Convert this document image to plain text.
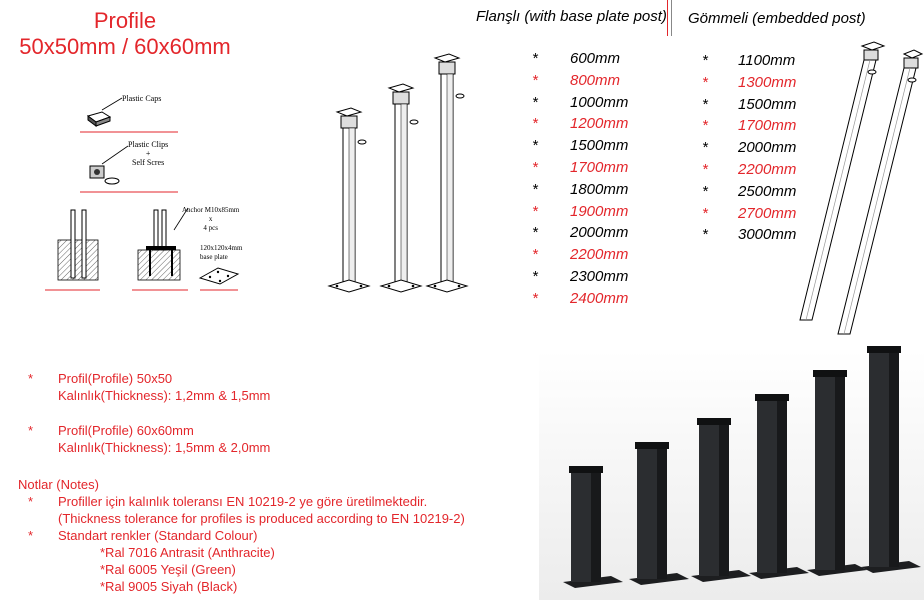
Profile
50x50mm / 60x60mm
Plastic Caps
Plastic Clips
+
Self Scres
Anchor M10x85mm
x
4 pcs
120x120x4mm
base plate
Flanşlı (with base plate post)
* 600mm
* 800mm
* 1000mm
* 1200mm
* 1500mm
* 1700mm
* 1800mm
* 1900mm
* 2000mm
* 2200mm
* 2300mm
* 2400mm
Gömmeli (embedded post)
* 1100mm
* 1300mm
* 1500mm
* 1700mm
* 2000mm
* 2200mm
* 2500mm
* 2700mm
* 3000mm
* Profil(Profile) 50x50
Kalınlık(Thickness): 1,2mm & 1,5mm
* Profil(Profile) 60x60mm
Kalınlık(Thickness): 1,5mm & 2,0mm
Notlar (Notes)
* Profiller için kalınlık toleransı EN 10219-2 ye göre üretilmektedir.
(Thickness tolerance for profiles is produced according to EN 10219-2)
* Standart renkler (Standard Colour)
*Ral 7016 Antrasit (Anthracite)
*Ral 6005 Yeşil (Green)
*Ral 9005 Siyah (Black)
